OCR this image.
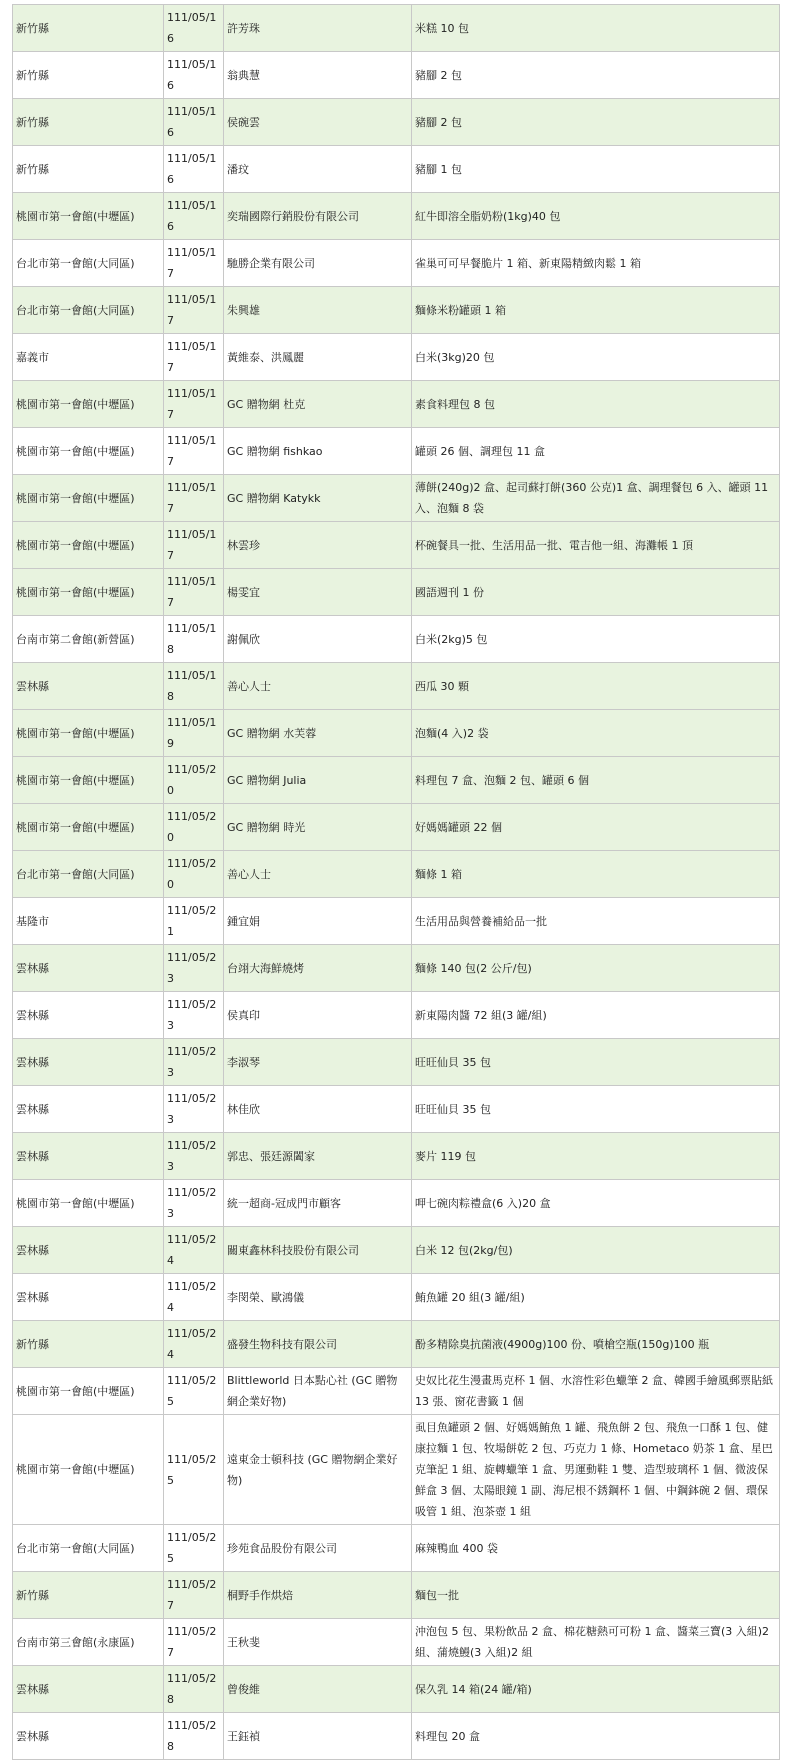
新竹縣	111/05/16	許芳珠	米糕 10 包
新竹縣	111/05/16	翁典慧	豬腳 2 包
新竹縣	111/05/16	侯碗雲	豬腳 2 包
新竹縣	111/05/16	潘玟	豬腳 1 包
桃園市第一會館(中壢區)	111/05/16	奕瑞國際行銷股份有限公司	紅牛即溶全脂奶粉(1kg)40 包
台北市第一會館(大同區)	111/05/17	馳勝企業有限公司	雀巢可可早餐脆片 1 箱、新東陽精緻肉鬆 1 箱
台北市第一會館(大同區)	111/05/17	朱興雄	麵條米粉罐頭 1 箱
嘉義市	111/05/17	黃維泰、洪鳳麗	白米(3kg)20 包
桃園市第一會館(中壢區)	111/05/17	GC 贈物網 杜克	素食料理包 8 包
桃園市第一會館(中壢區)	111/05/17	GC 贈物網 fishkao	罐頭 26 個、調理包 11 盒
桃園市第一會館(中壢區)	111/05/17	GC 贈物網 Katykk	薄餅(240g)2 盒、起司蘇打餅(360 公克)1 盒、調理餐包 6 入、罐頭 11 入、泡麵 8 袋
桃園市第一會館(中壢區)	111/05/17	林雲珍	杯碗餐具一批、生活用品一批、電吉他一組、海灘帳 1 頂
桃園市第一會館(中壢區)	111/05/17	楊雯宜	國語週刊 1 份
台南市第二會館(新營區)	111/05/18	謝佩欣	白米(2kg)5 包
雲林縣	111/05/18	善心人士	西瓜 30 顆
桃園市第一會館(中壢區)	111/05/19	GC 贈物網 水芙蓉	泡麵(4 入)2 袋
桃園市第一會館(中壢區)	111/05/20	GC 贈物網 Julia	料理包 7 盒、泡麵 2 包、罐頭 6 個
桃園市第一會館(中壢區)	111/05/20	GC 贈物網 時光	好媽媽罐頭 22 個
台北市第一會館(大同區)	111/05/20	善心人士	麵條 1 箱
基隆市	111/05/21	鍾宜娟	生活用品與營養補給品一批
雲林縣	111/05/23	台翊大海鮮燒烤	麵條 140 包(2 公斤/包)
雲林縣	111/05/23	侯真印	新東陽肉醬 72 組(3 罐/組)
雲林縣	111/05/23	李淑琴	旺旺仙貝 35 包
雲林縣	111/05/23	林佳欣	旺旺仙貝 35 包
雲林縣	111/05/23	郭忠、張廷源闔家	麥片 119 包
桃園市第一會館(中壢區)	111/05/23	統一超商-冠成門市顧客	呷七碗肉粽禮盒(6 入)20 盒
雲林縣	111/05/24	關東鑫林科技股份有限公司	白米 12 包(2kg/包)
雲林縣	111/05/24	李閔榮、歐鴻儀	鮪魚罐 20 組(3 罐/組)
新竹縣	111/05/24	盛發生物科技有限公司	酚多精除臭抗菌液(4900g)100 份、噴槍空瓶(150g)100 瓶
桃園市第一會館(中壢區)	111/05/25	Blittleworld 日本點心社 (GC 贈物網企業好物)	史奴比花生漫畫馬克杯 1 個、水溶性彩色蠟筆 2 盒、韓國手繪風郵票貼紙 13 張、窗花書籤 1 個
桃園市第一會館(中壢區)	111/05/25	遠東金士頓科技 (GC 贈物網企業好物)	虱目魚罐頭 2 個、好媽媽鮪魚 1 罐、飛魚餅 2 包、飛魚一口酥 1 包、健康拉麵 1 包、牧場餅乾 2 包、巧克力 1 條、Hometaco 奶茶 1 盒、星巴克筆記 1 組、旋轉蠟筆 1 盒、男運動鞋 1 雙、造型玻璃杯 1 個、微波保鮮盒 3 個、太陽眼鏡 1 副、海尼根不銹鋼杯 1 個、中鋼鉢碗 2 個、環保吸管 1 組、泡茶壺 1 組
台北市第一會館(大同區)	111/05/25	珍苑食品股份有限公司	麻辣鴨血 400 袋
新竹縣	111/05/27	桐野手作烘焙	麵包一批
台南市第三會館(永康區)	111/05/27	王秋斐	沖泡包 5 包、果粉飲品 2 盒、棉花糖熱可可粉 1 盒、醬菜三寶(3 入組)2 組、蒲燒鰻(3 入組)2 組
雲林縣	111/05/28	曾俊維	保久乳 14 箱(24 罐/箱)
雲林縣	111/05/28	王鈺禎	料理包 20 盒
